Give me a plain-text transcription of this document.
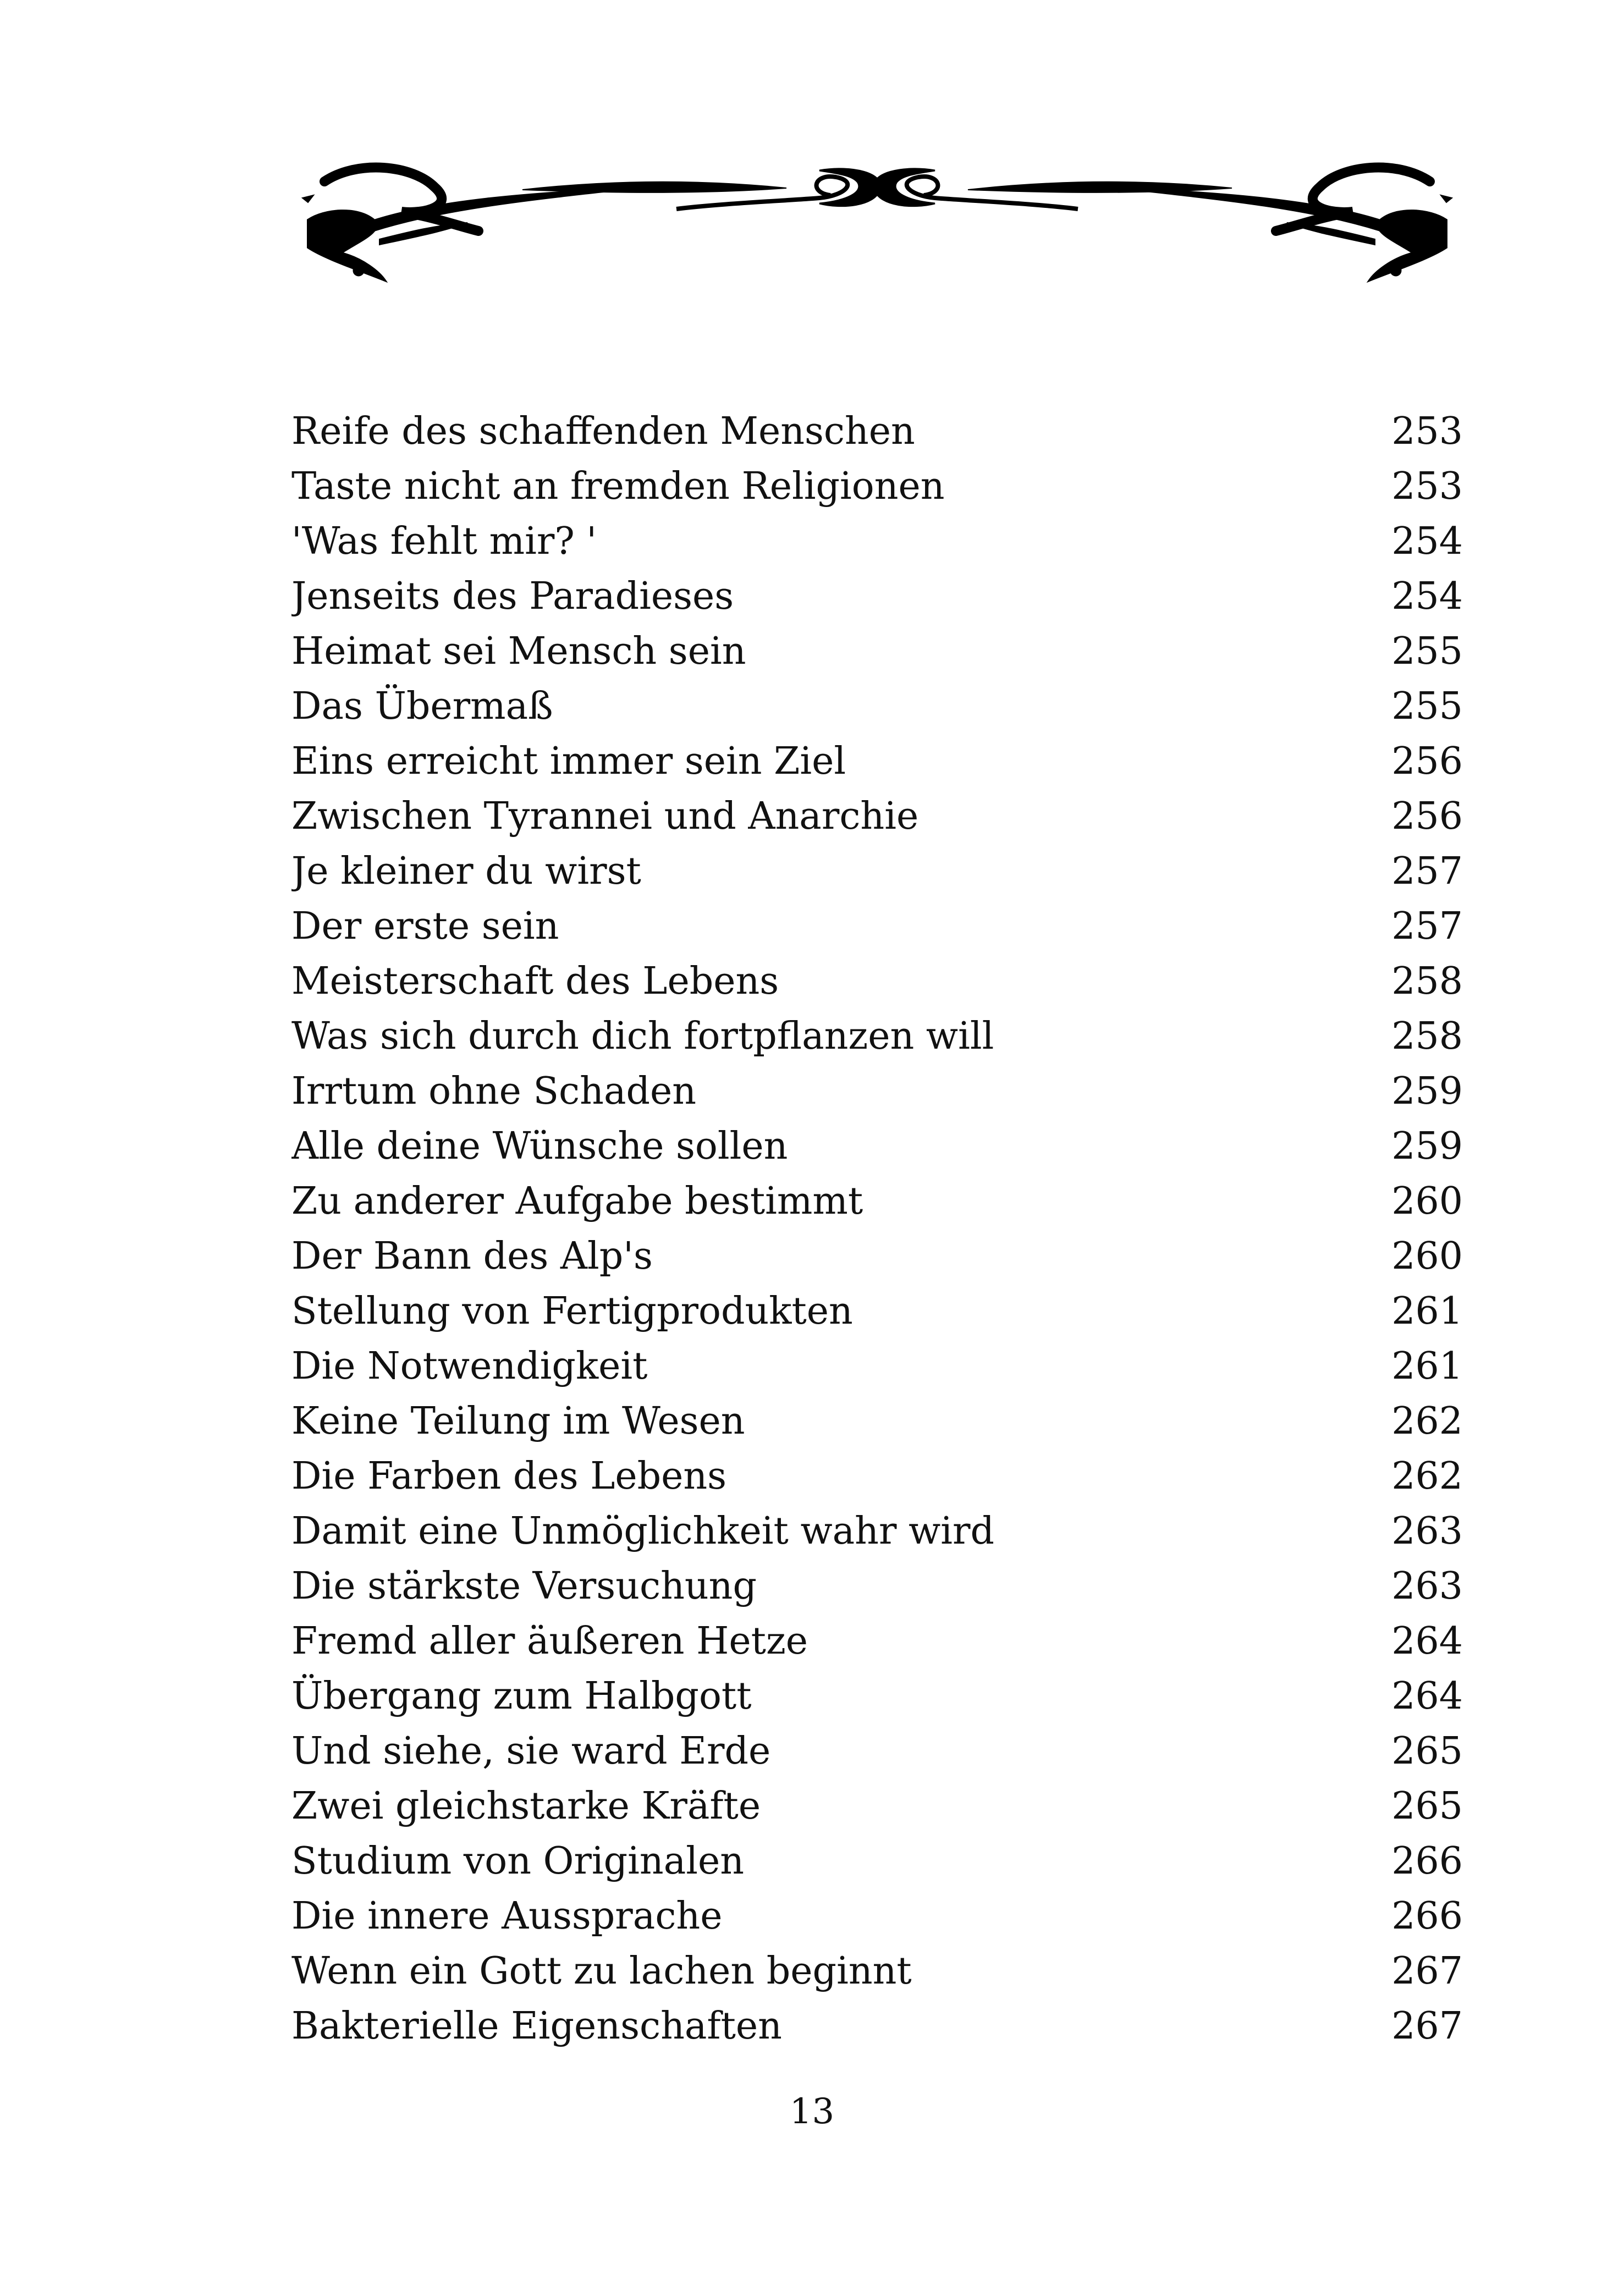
Reife des schaffenden Menschen	253
Taste nicht an fremden Religionen	253
'Was fehlt mir? '	254
Jenseits des Paradieses	254
Heimat sei Mensch sein	255
Das Übermaß	255
Eins erreicht immer sein Ziel	256
Zwischen Tyrannei und Anarchie	256
Je kleiner du wirst	257
Der erste sein	257
Meisterschaft des Lebens	258
Was sich durch dich fortpflanzen will	258
Irrtum ohne Schaden	259
Alle deine Wünsche sollen	259
Zu anderer Aufgabe bestimmt	260
Der Bann des Alp's	260
Stellung von Fertigprodukten	261
Die Notwendigkeit	261
Keine Teilung im Wesen	262
Die Farben des Lebens	262
Damit eine Unmöglichkeit wahr wird	263
Die stärkste Versuchung	263
Fremd aller äußeren Hetze	264
Übergang zum Halbgott	264
Und siehe, sie ward Erde	265
Zwei gleichstarke Kräfte	265
Studium von Originalen	266
Die innere Aussprache	266
Wenn ein Gott zu lachen beginnt	267
Bakterielle Eigenschaften	267
13
